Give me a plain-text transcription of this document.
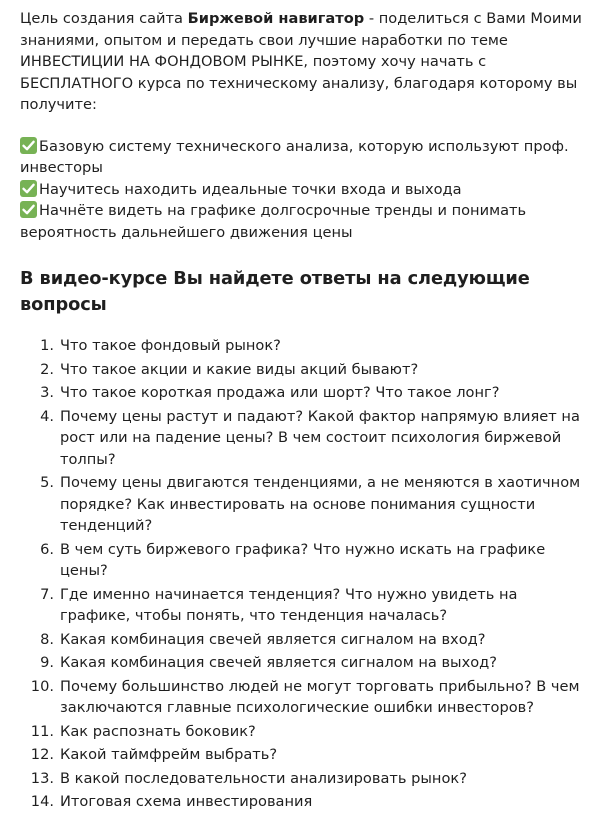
Цель создания сайта Биржевой навигатор - поделиться с Вами Моими знаниями, опытом и передать свои лучшие наработки по теме ИНВЕСТИЦИИ НА ФОНДОВОМ РЫНКЕ, поэтому хочу начать с БЕСПЛАТНОГО курса по техническому анализу, благодаря которому вы получите:

Базовую систему технического анализа, которую используют проф. инвесторы
Научитесь находить идеальные точки входа и выхода
Начнёте видеть на графике долгосрочные тренды и понимать вероятность дальнейшего движения цены
В видео-курсе Вы найдете ответы на следующие вопросы
1. Что такое фондовый рынок?
2. Что такое акции и какие виды акций бывают?
3. Что такое короткая продажа или шорт? Что такое лонг?
4. Почему цены растут и падают? Какой фактор напрямую влияет на рост или на падение цены? В чем состоит психология биржевой толпы?
5. Почему цены двигаются тенденциями, а не меняются в хаотичном порядке? Как инвестировать на основе понимания сущности тенденций?
6. В чем суть биржевого графика? Что нужно искать на графике цены?
7. Где именно начинается тенденция? Что нужно увидеть на графике, чтобы понять, что тенденция началась?
8. Какая комбинация свечей является сигналом на вход?
9. Какая комбинация свечей является сигналом на выход?
10. Почему большинство людей не могут торговать прибыльно? В чем заключаются главные психологические ошибки инвесторов?
11. Как распознать боковик?
12. Какой таймфрейм выбрать?
13. В какой последовательности анализировать рынок?
14. Итоговая схема инвестирования
